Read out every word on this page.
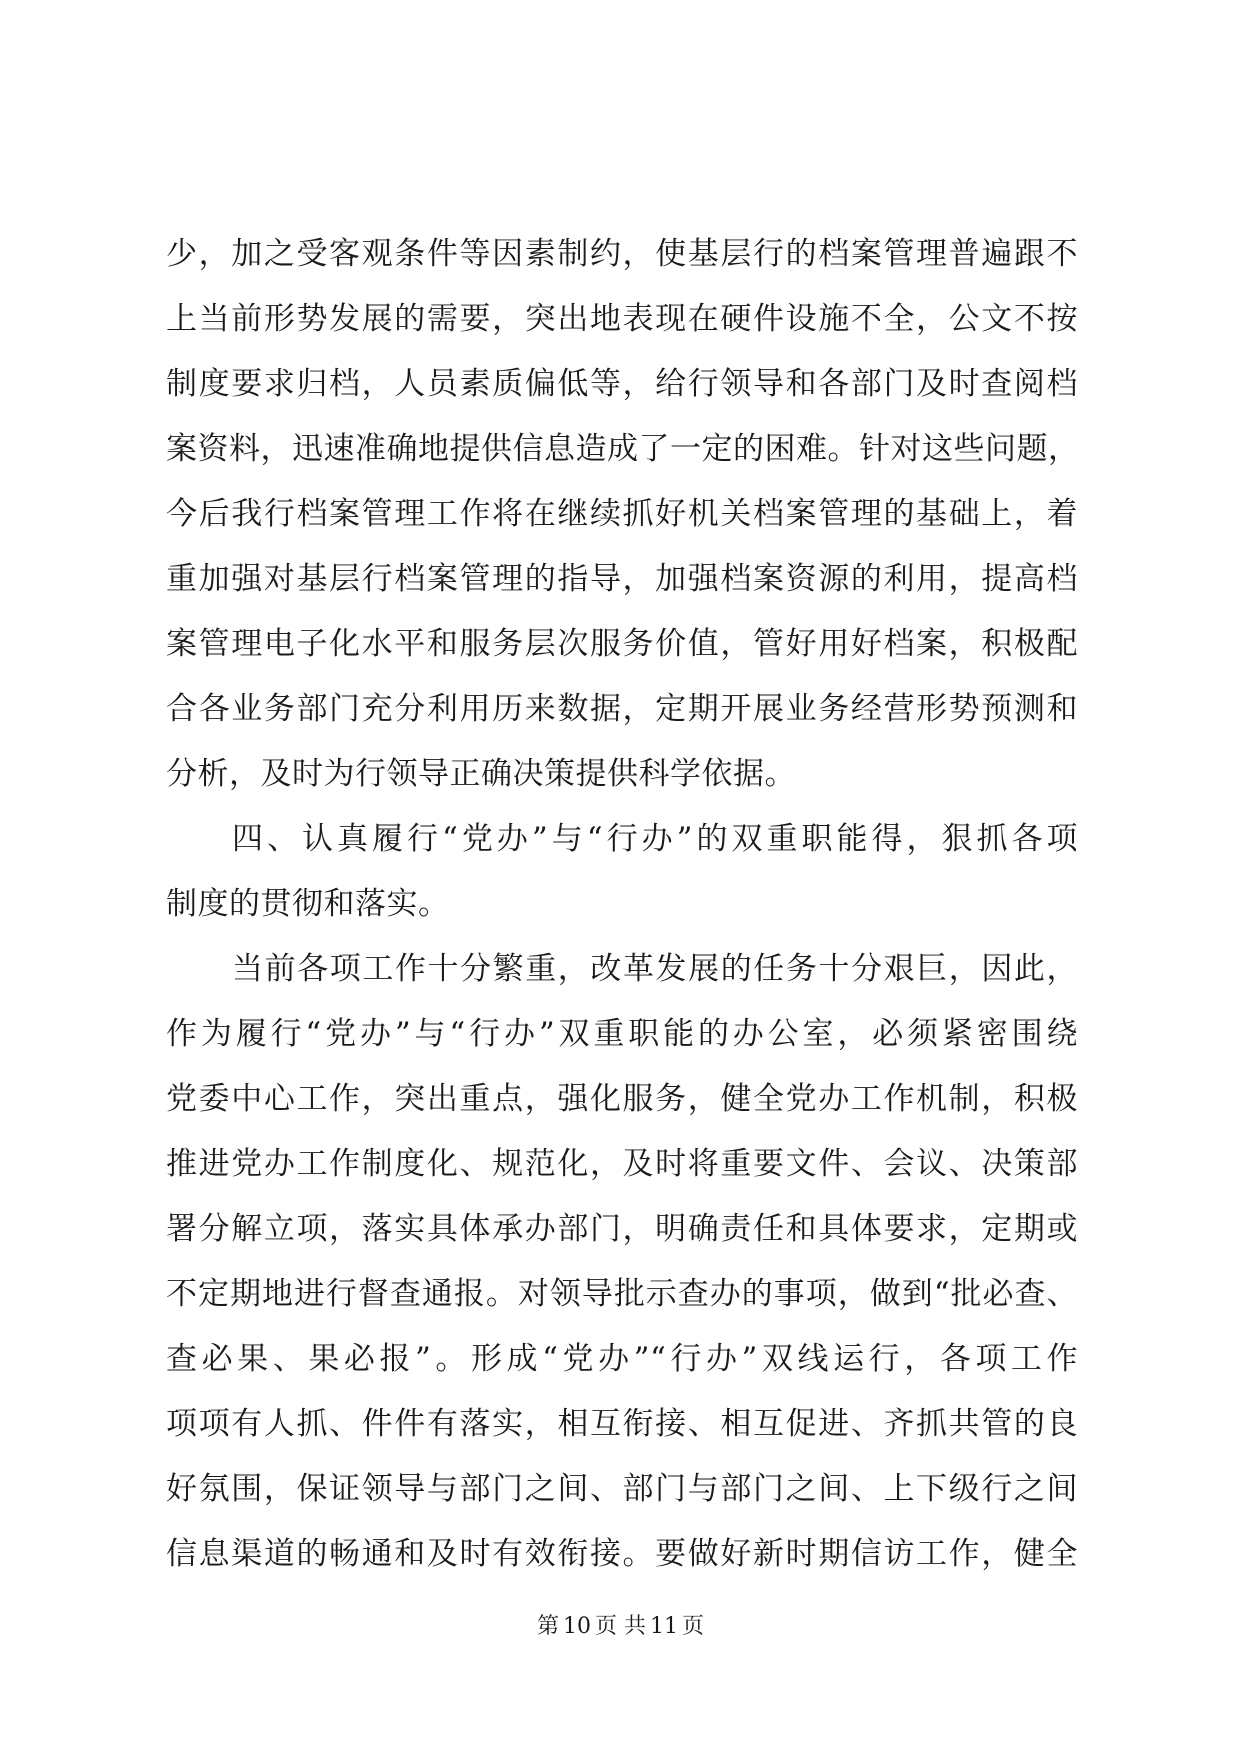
少，加之受客观条件等因素制约，使基层行的档案管理普遍跟不
上当前形势发展的需要，突出地表现在硬件设施不全，公文不按
制度要求归档，人员素质偏低等，给行领导和各部门及时查阅档
案资料，迅速准确地提供信息造成了一定的困难。针对这些问题，
今后我行档案管理工作将在继续抓好机关档案管理的基础上，着
重加强对基层行档案管理的指导，加强档案资源的利用，提高档
案管理电子化水平和服务层次服务价值，管好用好档案，积极配
合各业务部门充分利用历来数据，定期开展业务经营形势预测和
分析，及时为行领导正确决策提供科学依据。
四、认真履行“党办”与“行办”的双重职能得，狠抓各项
制度的贯彻和落实。
当前各项工作十分繁重，改革发展的任务十分艰巨，因此，
作为履行“党办”与“行办”双重职能的办公室，必须紧密围绕
党委中心工作，突出重点，强化服务，健全党办工作机制，积极
推进党办工作制度化、规范化，及时将重要文件、会议、决策部
署分解立项，落实具体承办部门，明确责任和具体要求，定期或
不定期地进行督查通报。对领导批示查办的事项，做到“批必查、
查必果、果必报”。形成“党办”“行办”双线运行，各项工作
项项有人抓、件件有落实，相互衔接、相互促进、齐抓共管的良
好氛围，保证领导与部门之间、部门与部门之间、上下级行之间
信息渠道的畅通和及时有效衔接。要做好新时期信访工作，健全
第 10 页 共 11 页
